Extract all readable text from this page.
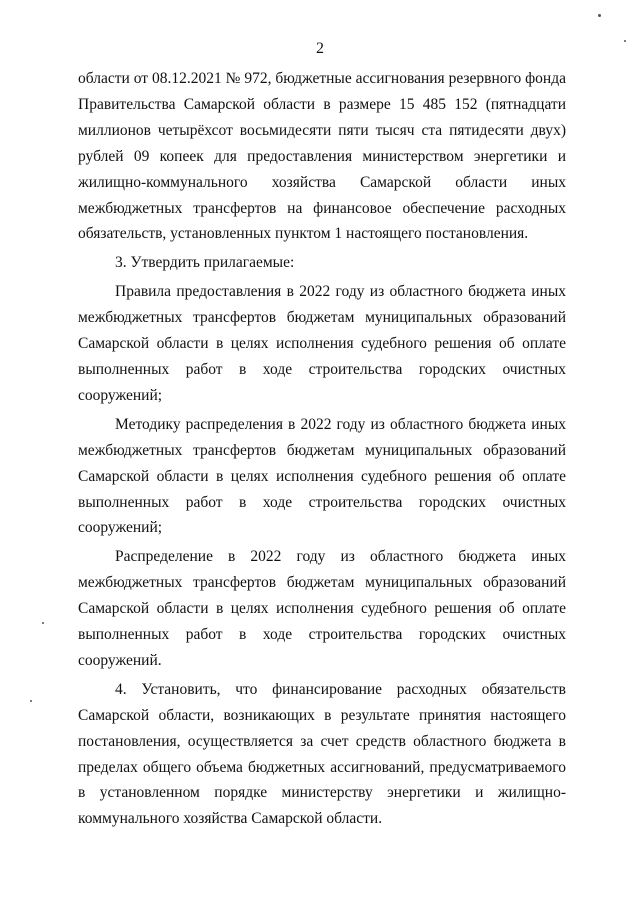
2

области от 08.12.2021 № 972, бюджетные ассигнования резервного фонда Правительства Самарской области в размере 15 485 152 (пятнадцати миллионов четырёхсот восьмидесяти пяти тысяч ста пятидесяти двух) рублей 09 копеек для предоставления министерством энергетики и жилищно-коммунального хозяйства Самарской области иных межбюджетных трансфертов на финансовое обеспечение расходных обязательств, установленных пунктом 1 настоящего постановления.

3. Утвердить прилагаемые:

Правила предоставления в 2022 году из областного бюджета иных межбюджетных трансфертов бюджетам муниципальных образований Самарской области в целях исполнения судебного решения об оплате выполненных работ в ходе строительства городских очистных сооружений;

Методику распределения в 2022 году из областного бюджета иных межбюджетных трансфертов бюджетам муниципальных образований Самарской области в целях исполнения судебного решения об оплате выполненных работ в ходе строительства городских очистных сооружений;

Распределение в 2022 году из областного бюджета иных межбюджетных трансфертов бюджетам муниципальных образований Самарской области в целях исполнения судебного решения об оплате выполненных работ в ходе строительства городских очистных сооружений.

4. Установить, что финансирование расходных обязательств Самарской области, возникающих в результате принятия настоящего постановления, осуществляется за счет средств областного бюджета в пределах общего объема бюджетных ассигнований, предусматриваемого в установленном порядке министерству энергетики и жилищно-коммунального хозяйства Самарской области.
